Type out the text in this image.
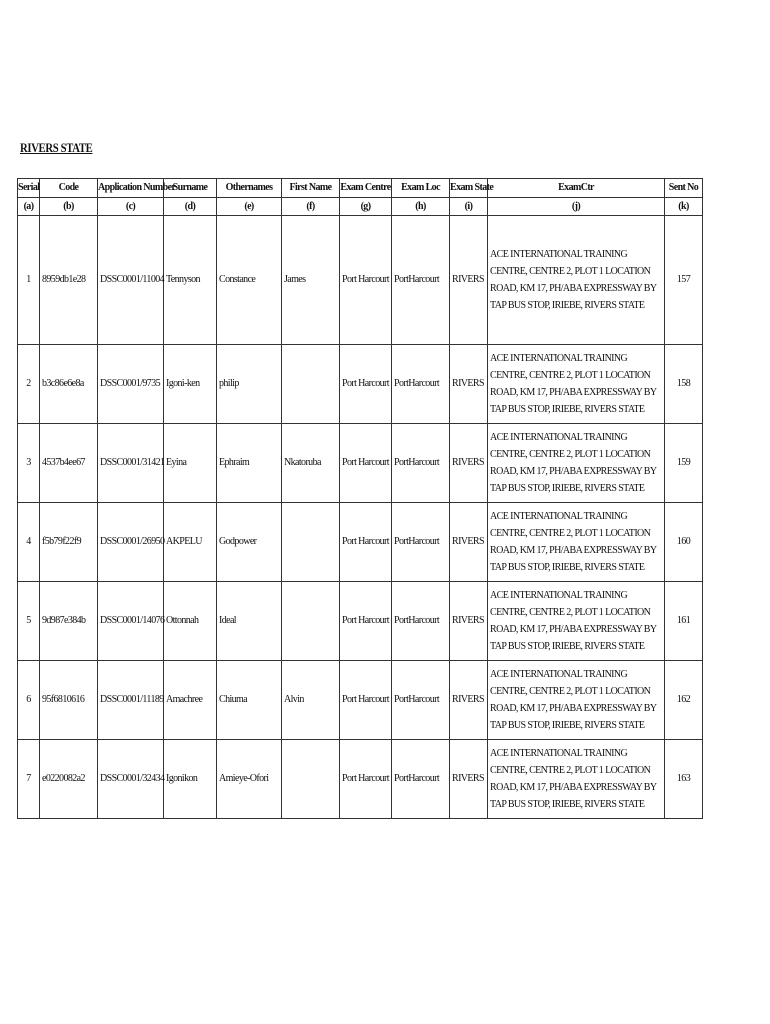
RIVERS STATE
Serial	Code	Application Number	Surname	Othernames	First Name	Exam Centre	Exam Loc	Exam State	ExamCtr	Sent No
(a)	(b)	(c)	(d)	(e)	(f)	(g)	(h)	(i)	(j)	(k)
1	8959db1e28	DSSC0001/11004	Tennyson	Constance	James	Port Harcourt	PortHarcourt	RIVERS	ACE INTERNATIONAL TRAINING CENTRE, CENTRE 2, PLOT 1 LOCATION ROAD, KM 17, PH/ABA EXPRESSWAY BY TAP BUS STOP, IRIEBE, RIVERS STATE	157
2	b3c86e6e8a	DSSC0001/9735	Igoni-ken	philip		Port Harcourt	PortHarcourt	RIVERS	ACE INTERNATIONAL TRAINING CENTRE, CENTRE 2, PLOT 1 LOCATION ROAD, KM 17, PH/ABA EXPRESSWAY BY TAP BUS STOP, IRIEBE, RIVERS STATE	158
3	4537b4ee67	DSSC0001/31421	Eyina	Ephraim	Nkatoruba	Port Harcourt	PortHarcourt	RIVERS	ACE INTERNATIONAL TRAINING CENTRE, CENTRE 2, PLOT 1 LOCATION ROAD, KM 17, PH/ABA EXPRESSWAY BY TAP BUS STOP, IRIEBE, RIVERS STATE	159
4	f5b79f22f9	DSSC0001/26950	AKPELU	Godpower		Port Harcourt	PortHarcourt	RIVERS	ACE INTERNATIONAL TRAINING CENTRE, CENTRE 2, PLOT 1 LOCATION ROAD, KM 17, PH/ABA EXPRESSWAY BY TAP BUS STOP, IRIEBE, RIVERS STATE	160
5	9d987e384b	DSSC0001/14076	Ottonnah	Ideal		Port Harcourt	PortHarcourt	RIVERS	ACE INTERNATIONAL TRAINING CENTRE, CENTRE 2, PLOT 1 LOCATION ROAD, KM 17, PH/ABA EXPRESSWAY BY TAP BUS STOP, IRIEBE, RIVERS STATE	161
6	95f6810616	DSSC0001/11189	Amachree	Chiuma	Alvin	Port Harcourt	PortHarcourt	RIVERS	ACE INTERNATIONAL TRAINING CENTRE, CENTRE 2, PLOT 1 LOCATION ROAD, KM 17, PH/ABA EXPRESSWAY BY TAP BUS STOP, IRIEBE, RIVERS STATE	162
7	e0220082a2	DSSC0001/32434	Igonikon	Amieye-Ofori		Port Harcourt	PortHarcourt	RIVERS	ACE INTERNATIONAL TRAINING CENTRE, CENTRE 2, PLOT 1 LOCATION ROAD, KM 17, PH/ABA EXPRESSWAY BY TAP BUS STOP, IRIEBE, RIVERS STATE	163
